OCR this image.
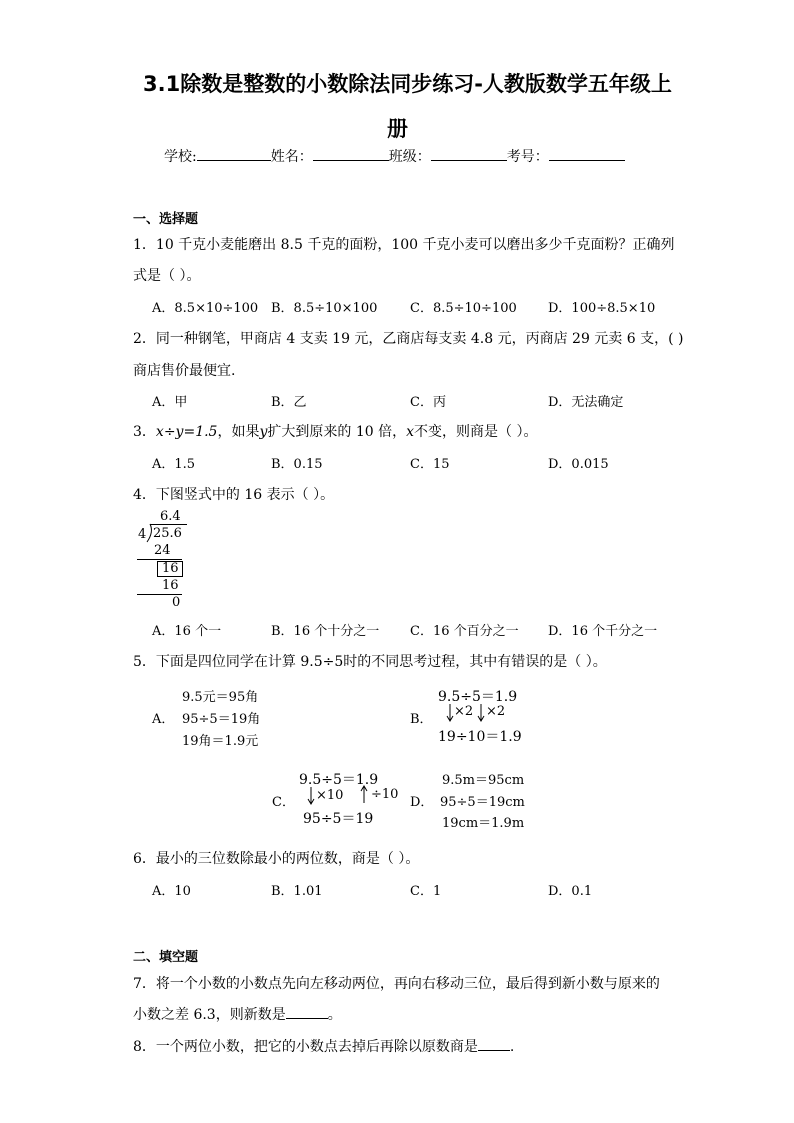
3.1除数是整数的小数除法同步练习-人教版数学五年级上
册
学校:	姓名：	班级：	考号：
一、选择题
1．10 千克小麦能磨出 8.5 千克的面粉，100 千克小麦可以磨出多少千克面粉？正确列
式是（ ）。
A．8.5×10÷100 B．8.5÷10×100	C．8.5÷10÷100 D．100÷8.5×10
2．同一种钢笔，甲商店 4 支卖 19 元，乙商店每支卖 4.8 元，丙商店 29 元卖 6 支，( )
商店售价最便宜.
A．甲	B．乙	C．丙	D．无法确定
3．x÷y=1.5，如果y扩大到原来的 10 倍，x不变，则商是（ ）。
A．1.5	B．0.15	C．15	D．0.015
4．下图竖式中的 16 表示（ ）。
6.4
4 25.6
24
16
16
0
A．16 个一	B．16 个十分之一 C．16 个百分之一 D．16 个千分之一
5．下面是四位同学在计算 9.5÷5时的不同思考过程，其中有错误的是（ ）。
A．
9.5元＝95角
95÷5＝19角
19角＝1.9元
B．
9.5÷5＝1.9
×2 ×2
19÷10＝1.9
C．
9.5÷5＝1.9
×10 ÷10
95÷5＝19
D．
9.5m＝95cm
95÷5＝19cm
19cm＝1.9m
6．最小的三位数除最小的两位数，商是（ ）。
A．10	B．1.01	C．1	D．0.1
二、填空题
7．将一个小数的小数点先向左移动两位，再向右移动三位，最后得到新小数与原来的
小数之差 6.3，则新数是	。
8．一个两位小数，把它的小数点去掉后再除以原数商是 .
